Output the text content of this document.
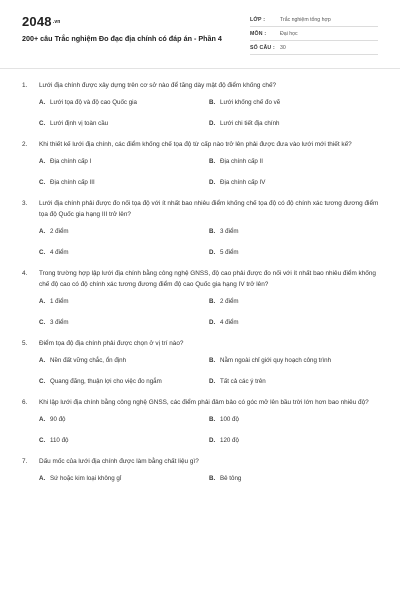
$2048^{.vn}$
200+ câu Trắc nghiệm Đo đạc địa chính có đáp án - Phần 4
LỚP :	Trắc nghiệm tổng hợp
MÔN :	Đại học
SỐ CÂU : 30
1.	Lưới địa chính được xây dựng trên cơ sở nào để tăng dày mật độ điểm khống chế?
A. Lưới tọa độ và độ cao Quốc gia	B. Lưới khống chế đo vẽ
C. Lưới định vị toàn cầu	D. Lưới chi tiết địa chính
2.	Khi thiết kế lưới địa chính, các điểm khống chế tọa độ từ cấp nào trở lên phải được đưa vào lưới mới thiết kế?
A. Địa chính cấp I	B. Địa chính cấp II
C. Địa chính cấp III	D. Địa chính cấp IV
3.	Lưới địa chính phải được đo nối tọa độ với ít nhất bao nhiêu điểm khống chế tọa độ có độ chính xác tương đương điểm tọa độ Quốc gia hạng III trở lên?
A. 2 điểm	B. 3 điểm
C. 4 điểm	D. 5 điểm
4.	Trong trường hợp lập lưới địa chính bằng công nghệ GNSS, độ cao phải được đo nối với ít nhất bao nhiêu điểm khống chế độ cao có độ chính xác tương đương điểm độ cao Quốc gia hạng IV trở lên?
A. 1 điểm	B. 2 điểm
C. 3 điểm	D. 4 điểm
5.	Điểm tọa độ địa chính phải được chọn ở vị trí nào?
A. Nền đất vững chắc, ổn định	B. Nằm ngoài chỉ giới quy hoạch công trình
C. Quang đãng, thuận lợi cho việc đo ngắm	D. Tất cả các ý trên
6.	Khi lập lưới địa chính bằng công nghệ GNSS, các điểm phải đảm bảo có góc mở lên bầu trời lớn hơn bao nhiêu độ?
A. 90 độ	B. 100 độ
C. 110 độ	D. 120 độ
7.	Dấu mốc của lưới địa chính được làm bằng chất liệu gì?
A. Sứ hoặc kim loại không gỉ	B. Bê tông
